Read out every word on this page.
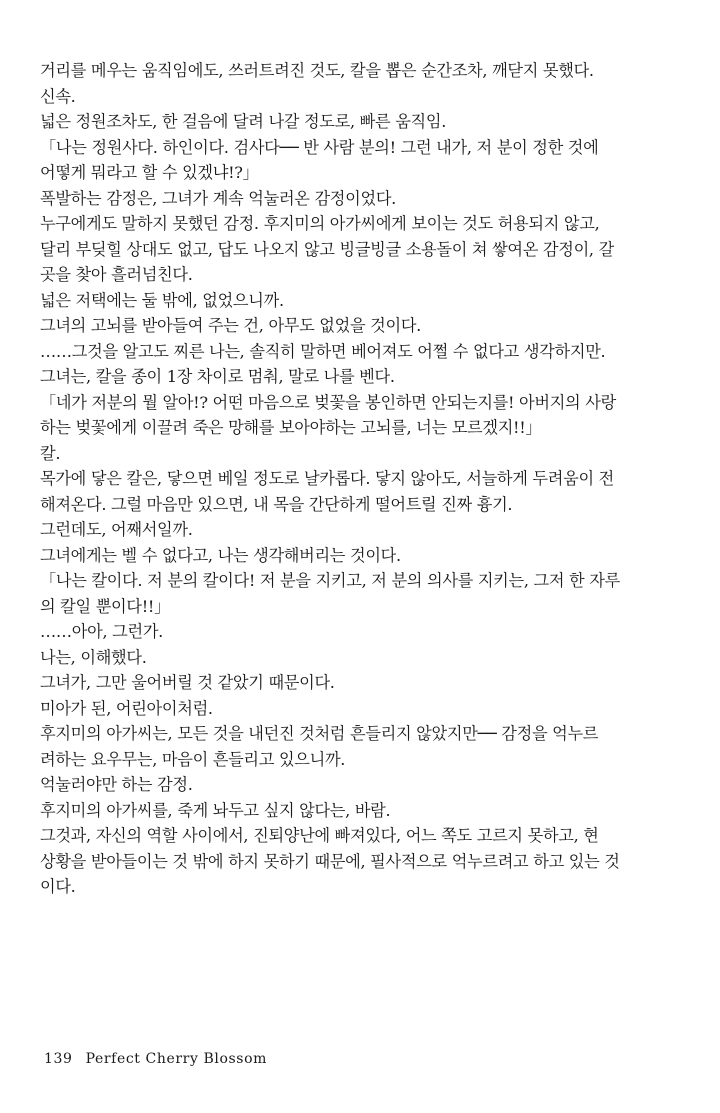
거리를 메우는 움직임에도, 쓰러트려진 것도, 칼을 뽑은 순간조차, 깨닫지 못했다.
신속.
넓은 정원조차도, 한 걸음에 달려 나갈 정도로, 빠른 움직임.
「나는 정원사다. 하인이다. 검사다── 반 사람 분의! 그런 내가, 저 분이 정한 것에
어떻게 뭐라고 할 수 있겠냐!?」
폭발하는 감정은, 그녀가 계속 억눌러온 감정이었다.
누구에게도 말하지 못했던 감정. 후지미의 아가씨에게 보이는 것도 허용되지 않고,
달리 부딪힐 상대도 없고, 답도 나오지 않고 빙글빙글 소용돌이 쳐 쌓여온 감정이, 갈
곳을 찾아 흘러넘친다.
넓은 저택에는 둘 밖에, 없었으니까.
그녀의 고뇌를 받아들여 주는 건, 아무도 없었을 것이다.
……그것을 알고도 찌른 나는, 솔직히 말하면 베어져도 어쩔 수 없다고 생각하지만.
그녀는, 칼을 종이 1장 차이로 멈춰, 말로 나를 벤다.
「네가 저분의 뭘 알아!? 어떤 마음으로 벚꽃을 봉인하면 안되는지를! 아버지의 사랑
하는 벚꽃에게 이끌려 죽은 망해를 보아야하는 고뇌를, 너는 모르겠지!!」
칼.
목가에 닿은 칼은, 닿으면 베일 정도로 날카롭다. 닿지 않아도, 서늘하게 두려움이 전
해져온다. 그럴 마음만 있으면, 내 목을 간단하게 떨어트릴 진짜 흉기.
그런데도, 어째서일까.
그녀에게는 벨 수 없다고, 나는 생각해버리는 것이다.
「나는 칼이다. 저 분의 칼이다! 저 분을 지키고, 저 분의 의사를 지키는, 그저 한 자루
의 칼일 뿐이다!!」
……아아, 그런가.
나는, 이해했다.
그녀가, 그만 울어버릴 것 같았기 때문이다.
미아가 된, 어린아이처럼.
후지미의 아가씨는, 모든 것을 내던진 것처럼 흔들리지 않았지만── 감정을 억누르
려하는 요우무는, 마음이 흔들리고 있으니까.
억눌러야만 하는 감정.
후지미의 아가씨를, 죽게 놔두고 싶지 않다는, 바람.
그것과, 자신의 역할 사이에서, 진퇴양난에 빠져있다, 어느 쪽도 고르지 못하고, 현
상황을 받아들이는 것 밖에 하지 못하기 때문에, 필사적으로 억누르려고 하고 있는 것
이다.
139 Perfect Cherry Blossom
